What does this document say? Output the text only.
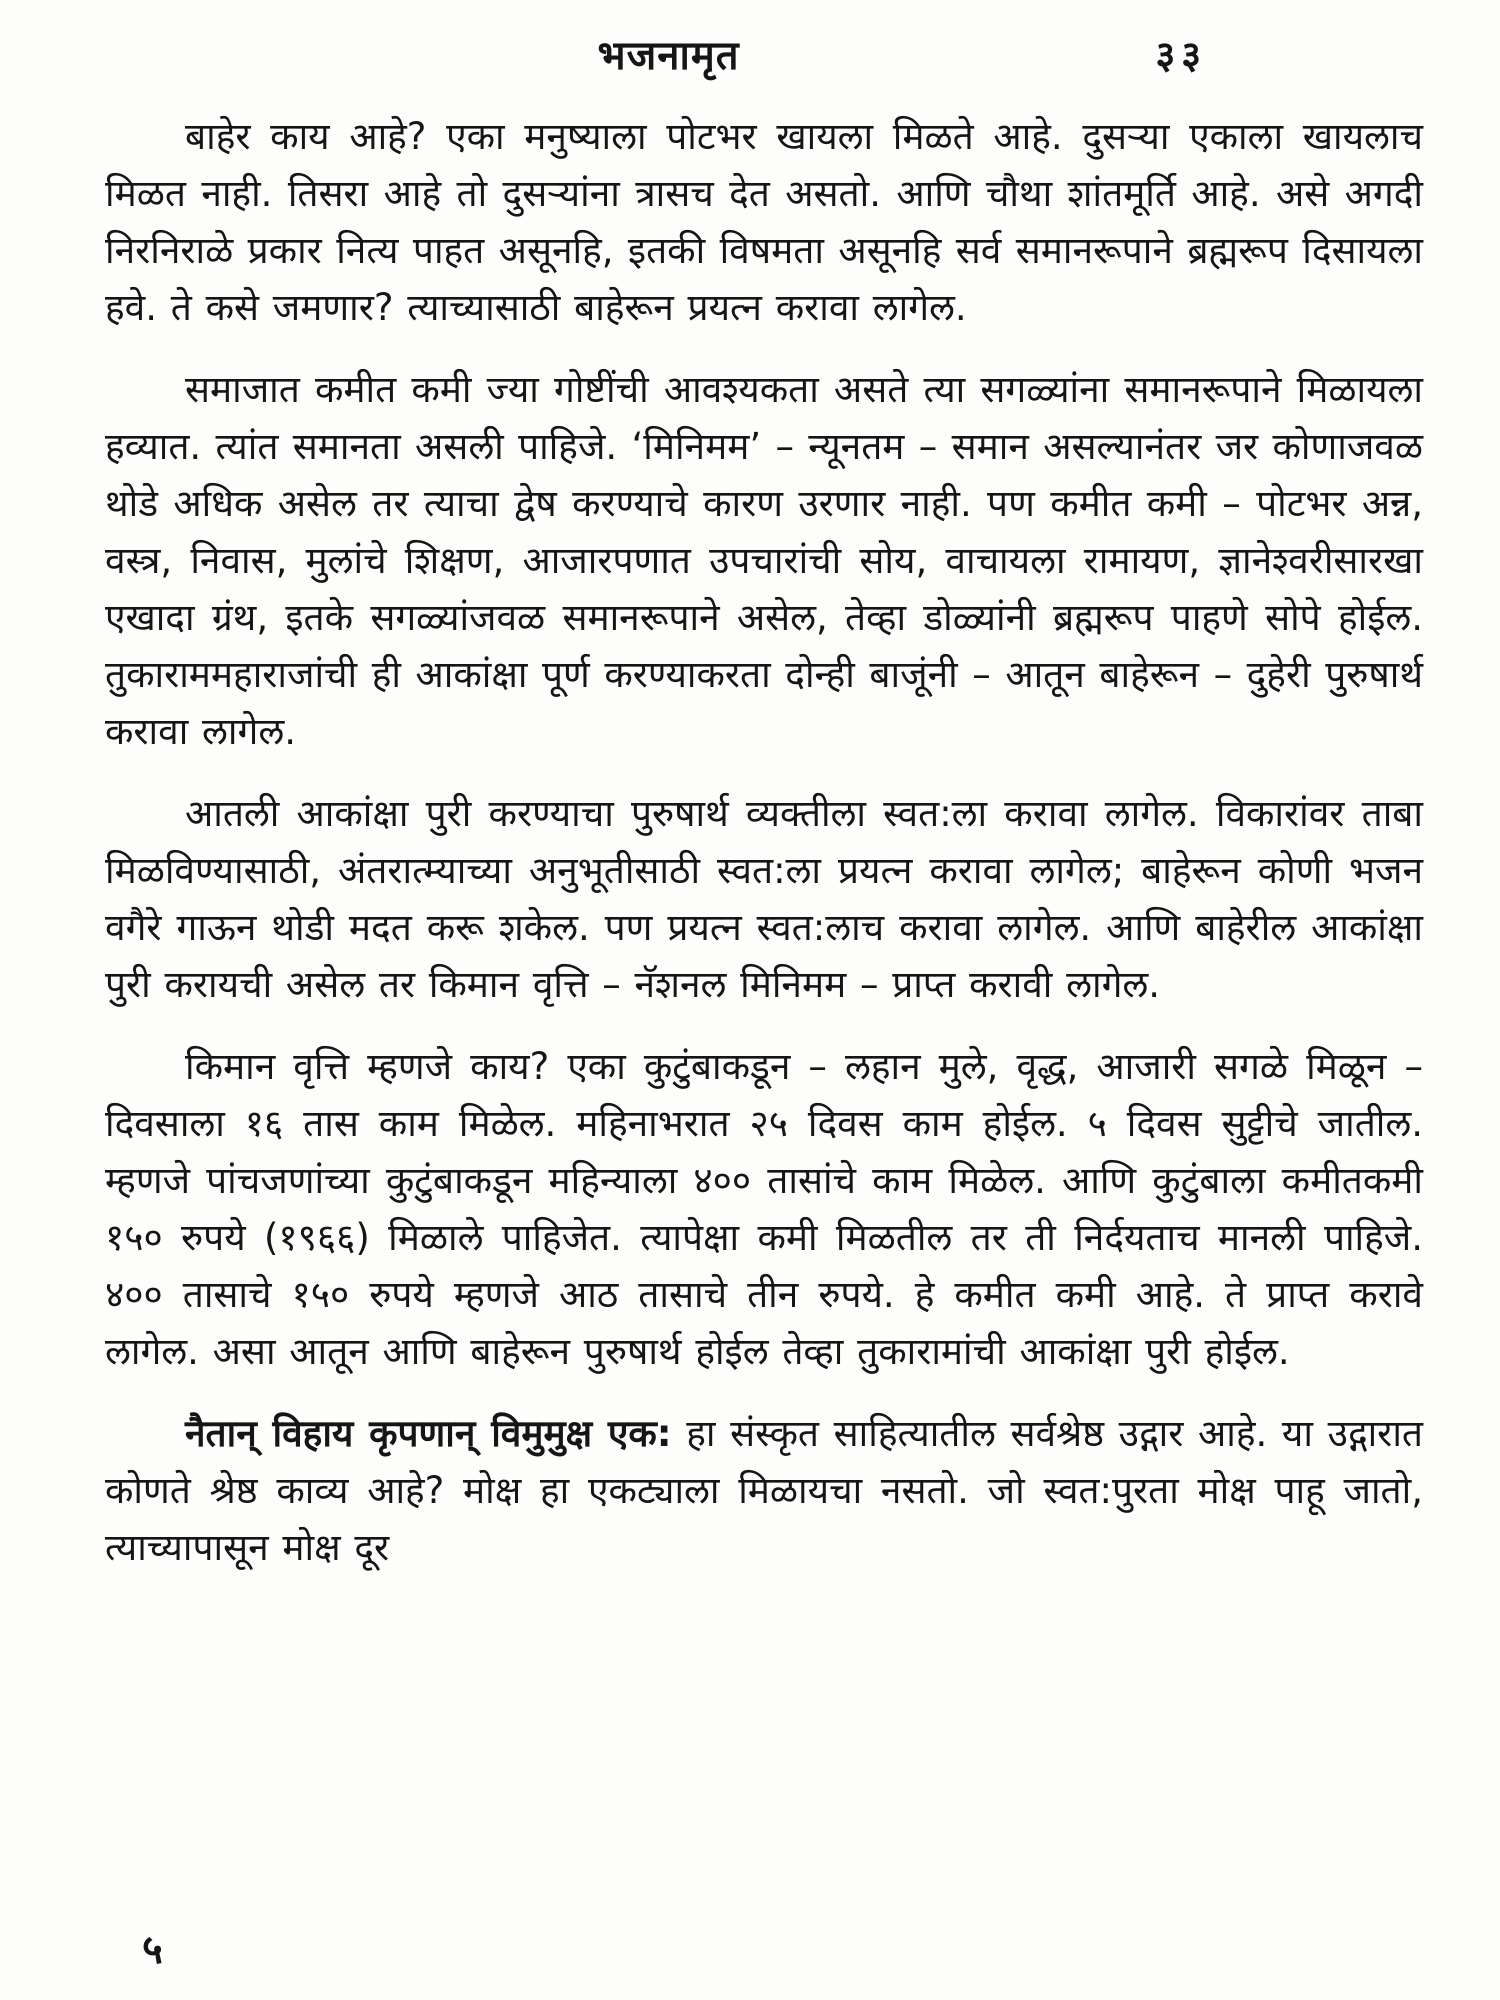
भजनामृत	३३

बाहेर काय आहे? एका मनुष्याला पोटभर खायला मिळते आहे. दुसऱ्या एकाला खायलाच मिळत नाही. तिसरा आहे तो दुसऱ्यांना त्रासच देत असतो. आणि चौथा शांतमूर्ति आहे. असे अगदी निरनिराळे प्रकार नित्य पाहत असूनहि, इतकी विषमता असूनहि सर्व समानरूपाने ब्रह्मरूप दिसायला हवे. ते कसे जमणार? त्याच्यासाठी बाहेरून प्रयत्न करावा लागेल.

समाजात कमीत कमी ज्या गोष्टींची आवश्यकता असते त्या सगळ्यांना समानरूपाने मिळायला हव्यात. त्यांत समानता असली पाहिजे. ‘मिनिमम’ – न्यूनतम – समान असल्यानंतर जर कोणाजवळ थोडे अधिक असेल तर त्याचा द्वेष करण्याचे कारण उरणार नाही. पण कमीत कमी – पोटभर अन्न, वस्त्र, निवास, मुलांचे शिक्षण, आजारपणात उपचारांची सोय, वाचायला रामायण, ज्ञानेश्वरीसारखा एखादा ग्रंथ, इतके सगळ्यांजवळ समानरूपाने असेल, तेव्हा डोळ्यांनी ब्रह्मरूप पाहणे सोपे होईल. तुकाराममहाराजांची ही आकांक्षा पूर्ण करण्याकरता दोन्ही बाजूंनी – आतून बाहेरून – दुहेरी पुरुषार्थ करावा लागेल.

आतली आकांक्षा पुरी करण्याचा पुरुषार्थ व्यक्तीला स्वत:ला करावा लागेल. विकारांवर ताबा मिळविण्यासाठी, अंतरात्म्याच्या अनुभूतीसाठी स्वत:ला प्रयत्न करावा लागेल; बाहेरून कोणी भजन वगैरे गाऊन थोडी मदत करू शकेल. पण प्रयत्न स्वत:लाच करावा लागेल. आणि बाहेरील आकांक्षा पुरी करायची असेल तर किमान वृत्ति – नॅशनल मिनिमम – प्राप्त करावी लागेल.

किमान वृत्ति म्हणजे काय? एका कुटुंबाकडून – लहान मुले, वृद्ध, आजारी सगळे मिळून – दिवसाला १६ तास काम मिळेल. महिनाभरात २५ दिवस काम होईल. ५ दिवस सुट्टीचे जातील. म्हणजे पांचजणांच्या कुटुंबाकडून महिन्याला ४०० तासांचे काम मिळेल. आणि कुटुंबाला कमीतकमी १५० रुपये (१९६६) मिळाले पाहिजेत. त्यापेक्षा कमी मिळतील तर ती निर्दयताच मानली पाहिजे. ४०० तासाचे १५० रुपये म्हणजे आठ तासाचे तीन रुपये. हे कमीत कमी आहे. ते प्राप्त करावे लागेल. असा आतून आणि बाहेरून पुरुषार्थ होईल तेव्हा तुकारामांची आकांक्षा पुरी होईल.

नैतान् विहाय कृपणान् विमुमुक्ष एक: हा संस्कृत साहित्यातील सर्वश्रेष्ठ उद्गार आहे. या उद्गारात कोणते श्रेष्ठ काव्य आहे? मोक्ष हा एकट्याला मिळायचा नसतो. जो स्वत:पुरता मोक्ष पाहू जातो, त्याच्यापासून मोक्ष दूर

५
